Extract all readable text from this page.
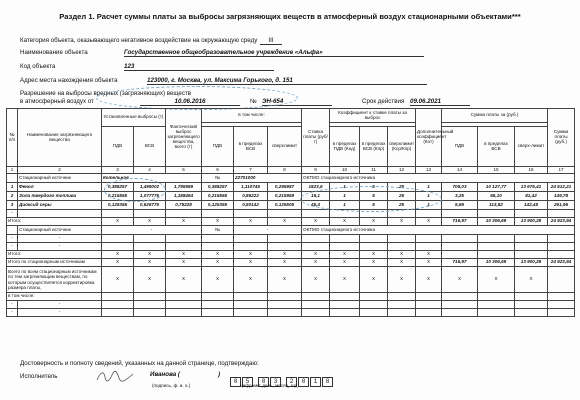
Раздел 1. Расчет суммы платы за выбросы загрязняющих веществ в атмосферный воздух стационарными объектами***
Категория объекта, оказывающего негативное воздействие на окружающую среду	III
Наименование объекта	Государственное общеобразовательное учреждение «Альфа»
Код объекта	123
Адрес места нахождения объекта	123000, г. Москва, ул. Максима Горького, д. 151
Разрешение на выбросы вредных (загрязняющих) веществ
в атмосферный воздух от	10.06.2016	№ ЭН-654	Срок действия 09.06.2021
№ п/п	Наименование загрязняющего вещества	Установленные выбросы (т)		Фактический выброс загрязняющего вещества, всего (т)	в том числе:			Ставка платы (руб/т)	Коэффициент к ставке платы за выброс			Дополнительный коэффициент (Кот)	Сумма платы за (руб.)			Сумма платы (руб.)

		ПДВ	ВСВ		ПДВ	в пределах ВСВ	сверхлимит		в пределах ПДВ (Кнд)	в пределах ВСВ (Кпр)	сверхлимит (Кср/Кпр)		ПДВ	в пределах ВСВ	сверх-лимит	
1	2	3	4	5	6	7	8	9	10	11	12	13	14	15	16	17
	Стационарный источник	Котельная			№	22701000		ОКТМО стационарного источника								
1	Фенол	0,388257	1,499002	1,795989	0,388257	1,110745	0,296987	1823,6	1	5	25	1	708,03	10 127,77	13 676,41	24 512,21
2	Зола твердого топлива	0,215555	1,077775	1,188464	0,215555	0,86222	0,215959	15,1	1	5	25	1	3,25	65,10	81,42	149,78
3	Диоксид серы	0,125355	0,626775	0,75228	0,125355	0,50142	0,125505	45,4	1	5	25	1	5,69	113,82	142,45	261,96
-																
Итого:		X	X	X	X	X	X	X	X	X	X	X	716,97	10 306,69	13 900,28	24 923,94
	Стационарный источник	-			№	-		ОКТМО стационарного источника								
-	-															
-	-															
Итого:		X	X	X	X	X	X	X	X	X	X	X				
Итого по стационарным источникам		X	X	X	X	X	X	X	X	X	X	X	716,97	10 306,69	13 900,28	24 923,94
Всего по всем стационарным источникам по тем загрязняющим веществам, по которым осуществляется корректировка размера платы,		X	X	X	X	X	X	X	X	X	X	X	X	X	X	
в том числе:																
-	-															
-	-															
Достоверность и полноту сведений, указанных на данной странице, подтверждаю:
Исполнитель	Иванова (	)
(подпись, ф. и. о.)
0 5 0 3 2 0 1 8
цифрами: день, месяц, год
